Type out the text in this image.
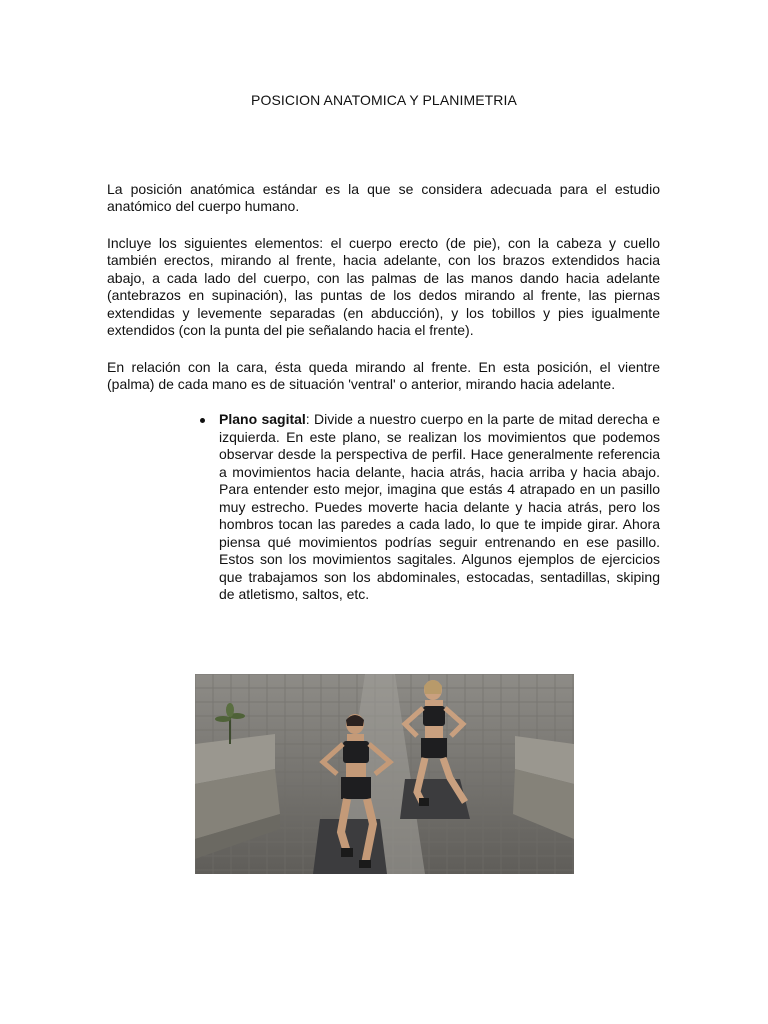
POSICION ANATOMICA Y PLANIMETRIA

La posición anatómica estándar es la que se considera adecuada para el estudio anatómico del cuerpo humano.

Incluye los siguientes elementos: el cuerpo erecto (de pie), con la cabeza y cuello también erectos, mirando al frente, hacia adelante, con los brazos extendidos hacia abajo, a cada lado del cuerpo, con las palmas de las manos dando hacia adelante (antebrazos en supinación), las puntas de los dedos mirando al frente, las piernas extendidas y levemente separadas (en abducción), y los tobillos y pies igualmente extendidos (con la punta del pie señalando hacia el frente).

En relación con la cara, ésta queda mirando al frente. En esta posición, el vientre (palma) de cada mano es de situación 'ventral' o anterior, mirando hacia adelante.

Plano sagital: Divide a nuestro cuerpo en la parte de mitad derecha e izquierda. En este plano, se realizan los movimientos que podemos observar desde la perspectiva de perfil. Hace generalmente referencia a movimientos hacia delante, hacia atrás, hacia arriba y hacia abajo. Para entender esto mejor, imagina que estás 4 atrapado en un pasillo muy estrecho. Puedes moverte hacia delante y hacia atrás, pero los hombros tocan las paredes a cada lado, lo que te impide girar. Ahora piensa qué movimientos podrías seguir entrenando en ese pasillo. Estos son los movimientos sagitales. Algunos ejemplos de ejercicios que trabajamos son los abdominales, estocadas, sentadillas, skiping de atletismo, saltos, etc.
